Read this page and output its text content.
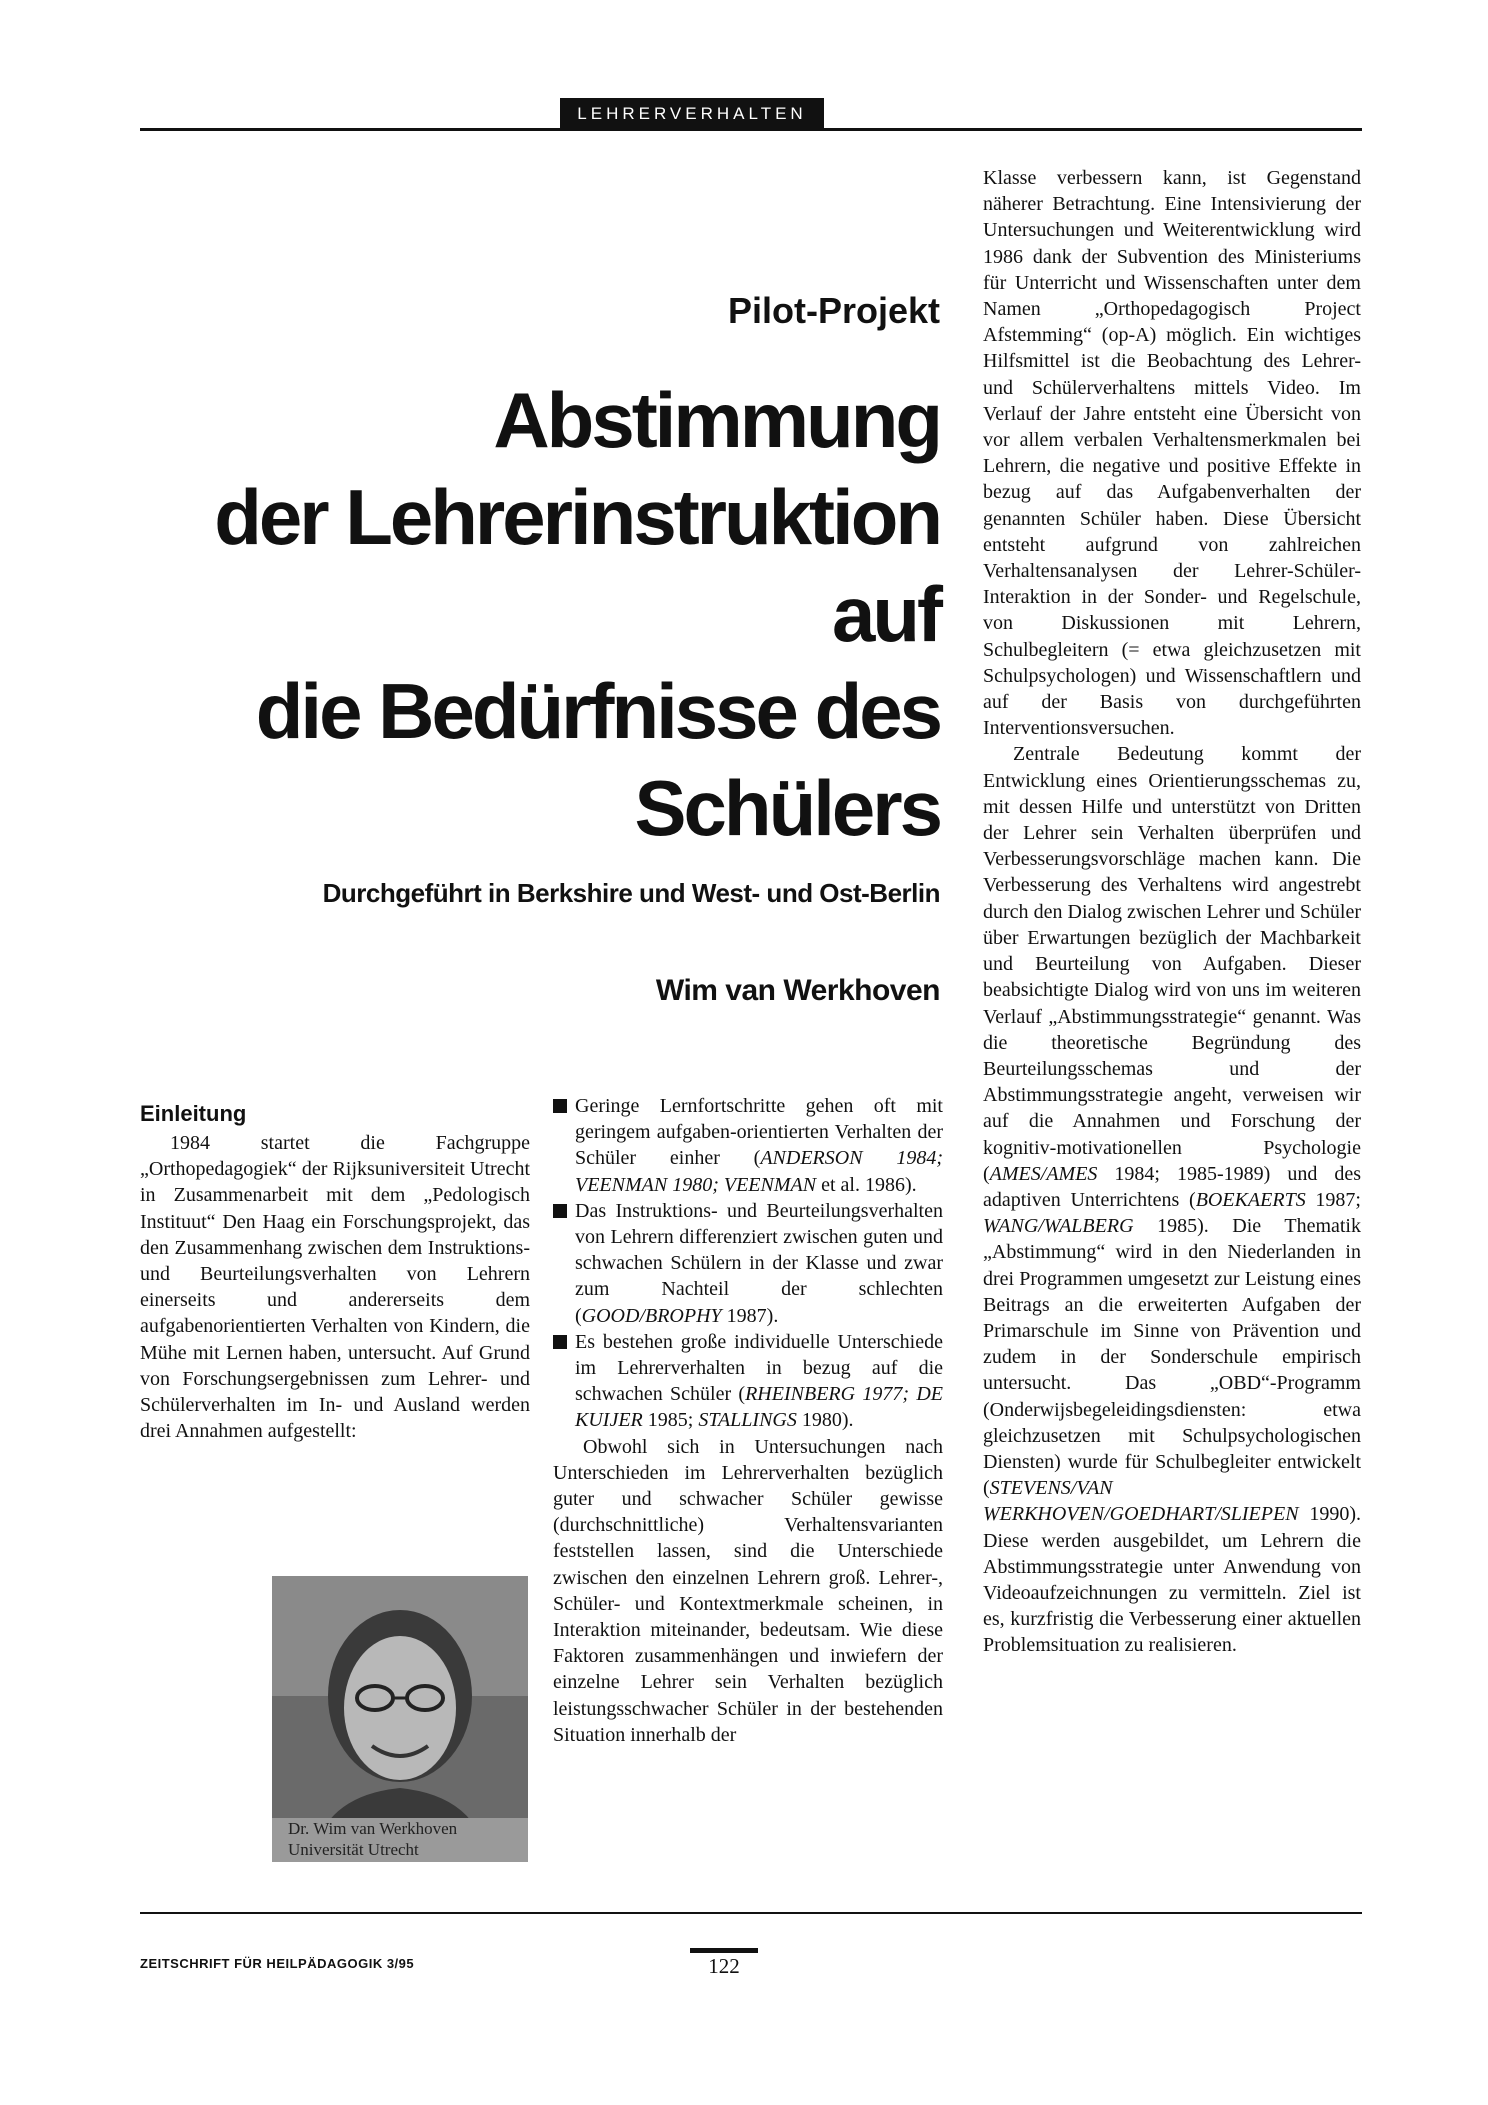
LEHRERVERHALTEN
Pilot-Projekt
Abstimmung
der Lehrerinstruktion auf
die Bedürfnisse des
Schülers
Durchgeführt in Berkshire und West- und Ost-Berlin
Wim van Werkhoven
Einleitung

1984 startet die Fachgruppe „Orthopedagogiek“ der Rijksuniversiteit Utrecht in Zusammenarbeit mit dem „Pedologisch Instituut“ Den Haag ein Forschungsprojekt, das den Zusammenhang zwischen dem Instruktions- und Beurteilungsverhalten von Lehrern einerseits und andererseits dem aufgabenorientierten Verhalten von Kindern, die Mühe mit Lernen haben, untersucht. Auf Grund von Forschungsergebnissen zum Lehrer- und Schülerverhalten im In- und Ausland werden drei Annahmen aufgestellt:

Dr. Wim van Werkhoven
Universität Utrecht

Geringe Lernfortschritte gehen oft mit geringem aufgaben-orientierten Verhalten der Schüler einher (ANDERSON 1984; VEENMAN 1980; VEENMAN et al. 1986).

Das Instruktions- und Beurteilungsverhalten von Lehrern differenziert zwischen guten und schwachen Schülern in der Klasse und zwar zum Nachteil der schlechten (GOOD/BROPHY 1987).

Es bestehen große individuelle Unterschiede im Lehrerverhalten in bezug auf die schwachen Schüler (RHEINBERG 1977; DE KUIJER 1985; STALLINGS 1980).

Obwohl sich in Untersuchungen nach Unterschieden im Lehrerverhalten bezüglich guter und schwacher Schüler gewisse (durchschnittliche) Verhaltensvarianten feststellen lassen, sind die Unterschiede zwischen den einzelnen Lehrern groß. Lehrer-, Schüler- und Kontextmerkmale scheinen, in Interaktion miteinander, bedeutsam. Wie diese Faktoren zusammenhängen und inwiefern der einzelne Lehrer sein Verhalten bezüglich leistungsschwacher Schüler in der bestehenden Situation innerhalb der

Klasse verbessern kann, ist Gegenstand näherer Betrachtung. Eine Intensivierung der Untersuchungen und Weiterentwicklung wird 1986 dank der Subvention des Ministeriums für Unterricht und Wissenschaften unter dem Namen „Orthopedagogisch Project Afstemming“ (op-A) möglich. Ein wichtiges Hilfsmittel ist die Beobachtung des Lehrer- und Schülerverhaltens mittels Video. Im Verlauf der Jahre entsteht eine Übersicht von vor allem verbalen Verhaltensmerkmalen bei Lehrern, die negative und positive Effekte in bezug auf das Aufgabenverhalten der genannten Schüler haben. Diese Übersicht entsteht aufgrund von zahlreichen Verhaltensanalysen der Lehrer-Schüler-Interaktion in der Sonder- und Regelschule, von Diskussionen mit Lehrern, Schulbegleitern (= etwa gleichzusetzen mit Schulpsychologen) und Wissenschaftlern und auf der Basis von durchgeführten Interventionsversuchen.

Zentrale Bedeutung kommt der Entwicklung eines Orientierungsschemas zu, mit dessen Hilfe und unterstützt von Dritten der Lehrer sein Verhalten überprüfen und Verbesserungsvorschläge machen kann. Die Verbesserung des Verhaltens wird angestrebt durch den Dialog zwischen Lehrer und Schüler über Erwartungen bezüglich der Machbarkeit und Beurteilung von Aufgaben. Dieser beabsichtigte Dialog wird von uns im weiteren Verlauf „Abstimmungsstrategie“ genannt. Was die theoretische Begründung des Beurteilungsschemas und der Abstimmungsstrategie angeht, verweisen wir auf die Annahmen und Forschung der kognitiv-motivationellen Psychologie (AMES/AMES 1984; 1985-1989) und des adaptiven Unterrichtens (BOEKAERTS 1987; WANG/WALBERG 1985). Die Thematik „Abstimmung“ wird in den Niederlanden in drei Programmen umgesetzt zur Leistung eines Beitrags an die erweiterten Aufgaben der Primarschule im Sinne von Prävention und zudem in der Sonderschule empirisch untersucht. Das „OBD“-Programm (Onderwijsbegeleidingsdiensten: etwa gleichzusetzen mit Schulpsychologischen Diensten) wurde für Schulbegleiter entwickelt (STEVENS/VAN WERKHOVEN/GOEDHART/SLIEPEN 1990). Diese werden ausgebildet, um Lehrern die Abstimmungsstrategie unter Anwendung von Videoaufzeichnungen zu vermitteln. Ziel ist es, kurzfristig die Verbesserung einer aktuellen Problemsituation zu realisieren.

ZEITSCHRIFT FÜR HEILPÄDAGOGIK 3/95	122
